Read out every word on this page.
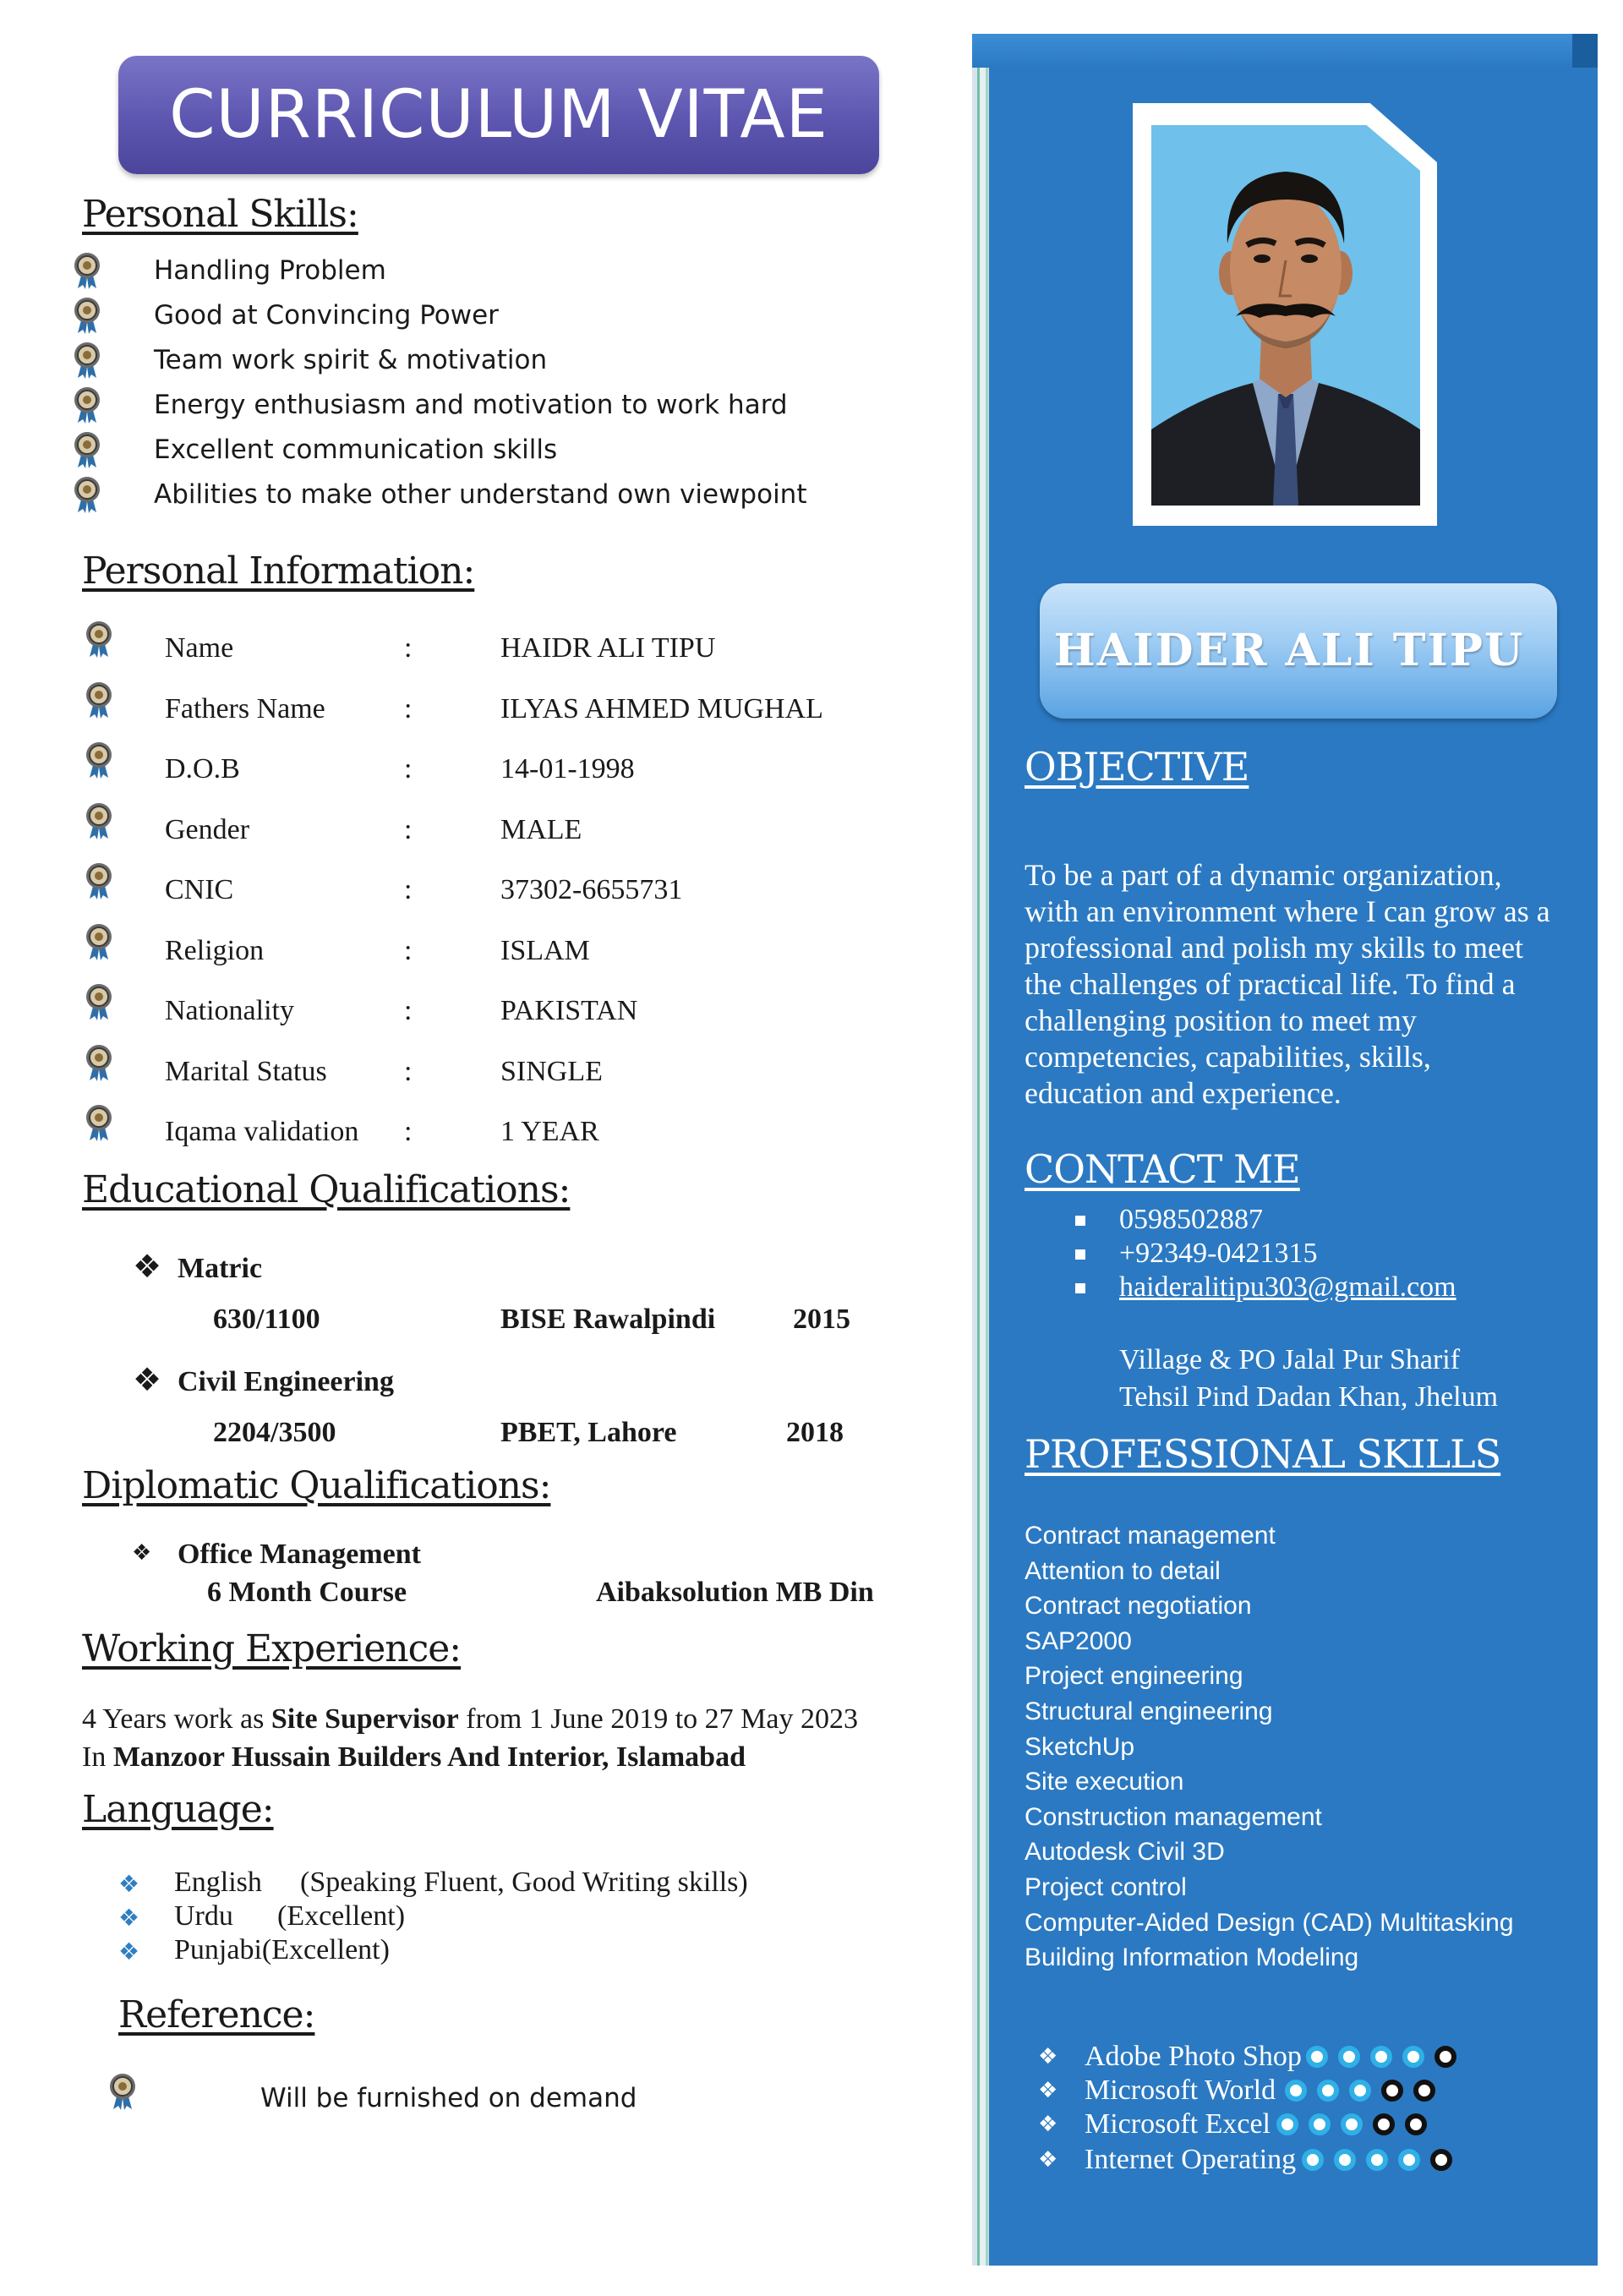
CURRICULUM VITAE
Personal Skills:
Handling Problem
Good at Convincing Power
Team work spirit & motivation
Energy enthusiasm and motivation to work hard
Excellent communication skills
Abilities to make other understand own viewpoint
Personal Information:
Name	:	HAIDR ALI TIPU
Fathers Name	:	ILYAS AHMED MUGHAL
D.O.B	:	14-01-1998
Gender	:	MALE
CNIC	:	37302-6655731
Religion	:	ISLAM
Nationality	:	PAKISTAN
Marital Status	:	SINGLE
Iqama validation :	1 YEAR
Educational Qualifications:
❖ Matric
630/1100	BISE Rawalpindi	2015
❖ Civil Engineering
2204/3500	PBET, Lahore	2018
Diplomatic Qualifications:
❖ Office Management
6 Month Course	Aibaksolution MB Din
Working Experience:
4 Years work as Site Supervisor from 1 June 2019 to 27 May 2023
In Manzoor Hussain Builders And Interior, Islamabad
Language:
❖ English (Speaking Fluent, Good Writing skills)
❖ Urdu (Excellent)
❖ Punjabi(Excellent)
Reference:
Will be furnished on demand
HAIDER ALI TIPU
OBJECTIVE
To be a part of a dynamic organization,
with an environment where I can grow as a
professional and polish my skills to meet
the challenges of practical life. To find a
challenging position to meet my
competencies, capabilities, skills,
education and experience.
CONTACT ME
0598502887
+92349-0421315
haideralitipu303@gmail.com
Village & PO Jalal Pur Sharif
Tehsil Pind Dadan Khan, Jhelum
PROFESSIONAL SKILLS
Contract management
Attention to detail
Contract negotiation
SAP2000
Project engineering
Structural engineering
SketchUp
Site execution
Construction management
Autodesk Civil 3D
Project control
Computer-Aided Design (CAD) Multitasking
Building Information Modeling
❖ Adobe Photo Shop
❖ Microsoft World
❖ Microsoft Excel
❖ Internet Operating
